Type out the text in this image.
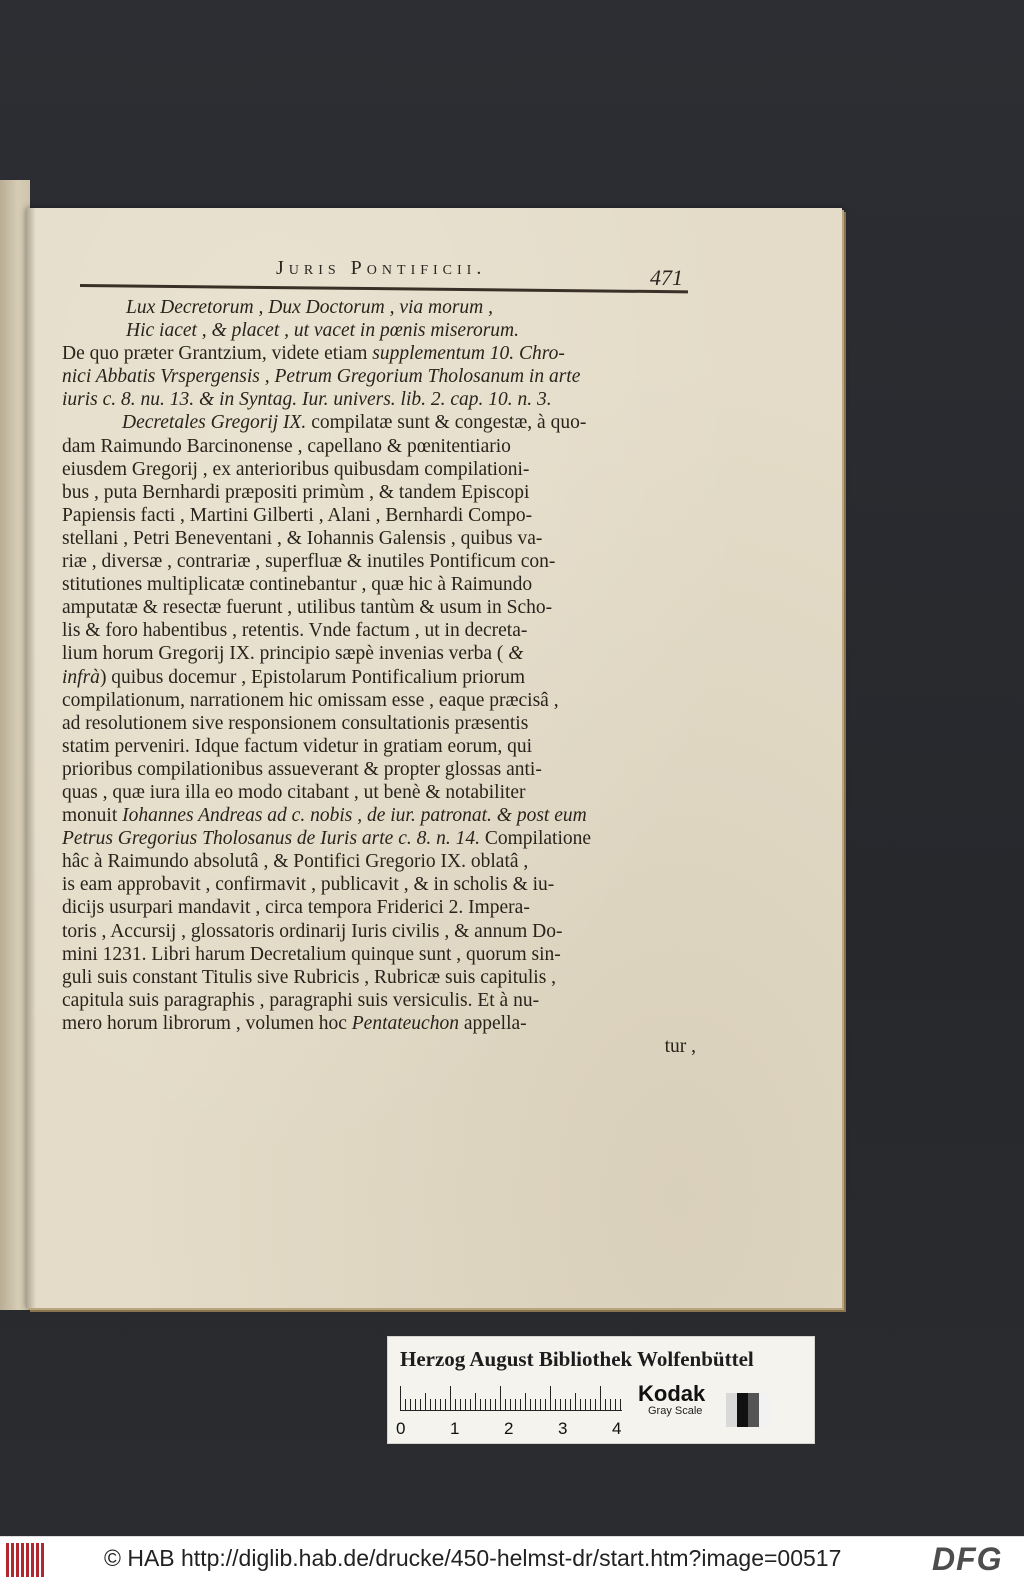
Juris Pontificii.	471
Lux Decretorum , Dux Doctorum , via morum ,
Hic iacet , & placet , ut vacet in pœnis miserorum.
De quo præter Grantzium, videte etiam supplementum 10. Chro-
nici Abbatis Vrspergensis , Petrum Gregorium Tholosanum in arte
iuris c. 8. nu. 13. & in Syntag. Iur. univers. lib. 2. cap. 10. n. 3.
Decretales Gregorij IX. compilatæ sunt & congestæ, à quo-
dam Raimundo Barcinonense , capellano & pœnitentiario
eiusdem Gregorij , ex anterioribus quibusdam compilationi-
bus , puta Bernhardi præpositi primùm , & tandem Episcopi
Papiensis facti , Martini Gilberti , Alani , Bernhardi Compo-
stellani , Petri Beneventani , & Iohannis Galensis , quibus va-
riæ , diversæ , contrariæ , superfluæ & inutiles Pontificum con-
stitutiones multiplicatæ continebantur , quæ hic à Raimundo
amputatæ & resectæ fuerunt , utilibus tantùm & usum in Scho-
lis & foro habentibus , retentis. Vnde factum , ut in decreta-
lium horum Gregorij IX. principio sæpè invenias verba ( &
infrà) quibus docemur , Epistolarum Pontificalium priorum
compilationum, narrationem hic omissam esse , eaque præcisâ ,
ad resolutionem sive responsionem consultationis præsentis
statim perveniri. Idque factum videtur in gratiam eorum, qui
prioribus compilationibus assueverant & propter glossas anti-
quas , quæ iura illa eo modo citabant , ut benè & notabiliter
monuit Iohannes Andreas ad c. nobis , de iur. patronat. & post eum
Petrus Gregorius Tholosanus de Iuris arte c. 8. n. 14. Compilatione
hâc à Raimundo absolutâ , & Pontifici Gregorio IX. oblatâ ,
is eam approbavit , confirmavit , publicavit , & in scholis & iu-
dicijs usurpari mandavit , circa tempora Friderici 2. Impera-
toris , Accursij , glossatoris ordinarij Iuris civilis , & annum Do-
mini 1231. Libri harum Decretalium quinque sunt , quorum sin-
guli suis constant Titulis sive Rubricis , Rubricæ suis capitulis ,
capitula suis paragraphis , paragraphi suis versiculis. Et à nu-
mero horum librorum , volumen hoc Pentateuchon appella-
tur ,
Herzog August Bibliothek Wolfenbüttel
0	1	2	3	4
Kodak
Gray Scale
© HAB http://diglib.hab.de/drucke/450-helmst-dr/start.htm?image=00517	DFG
